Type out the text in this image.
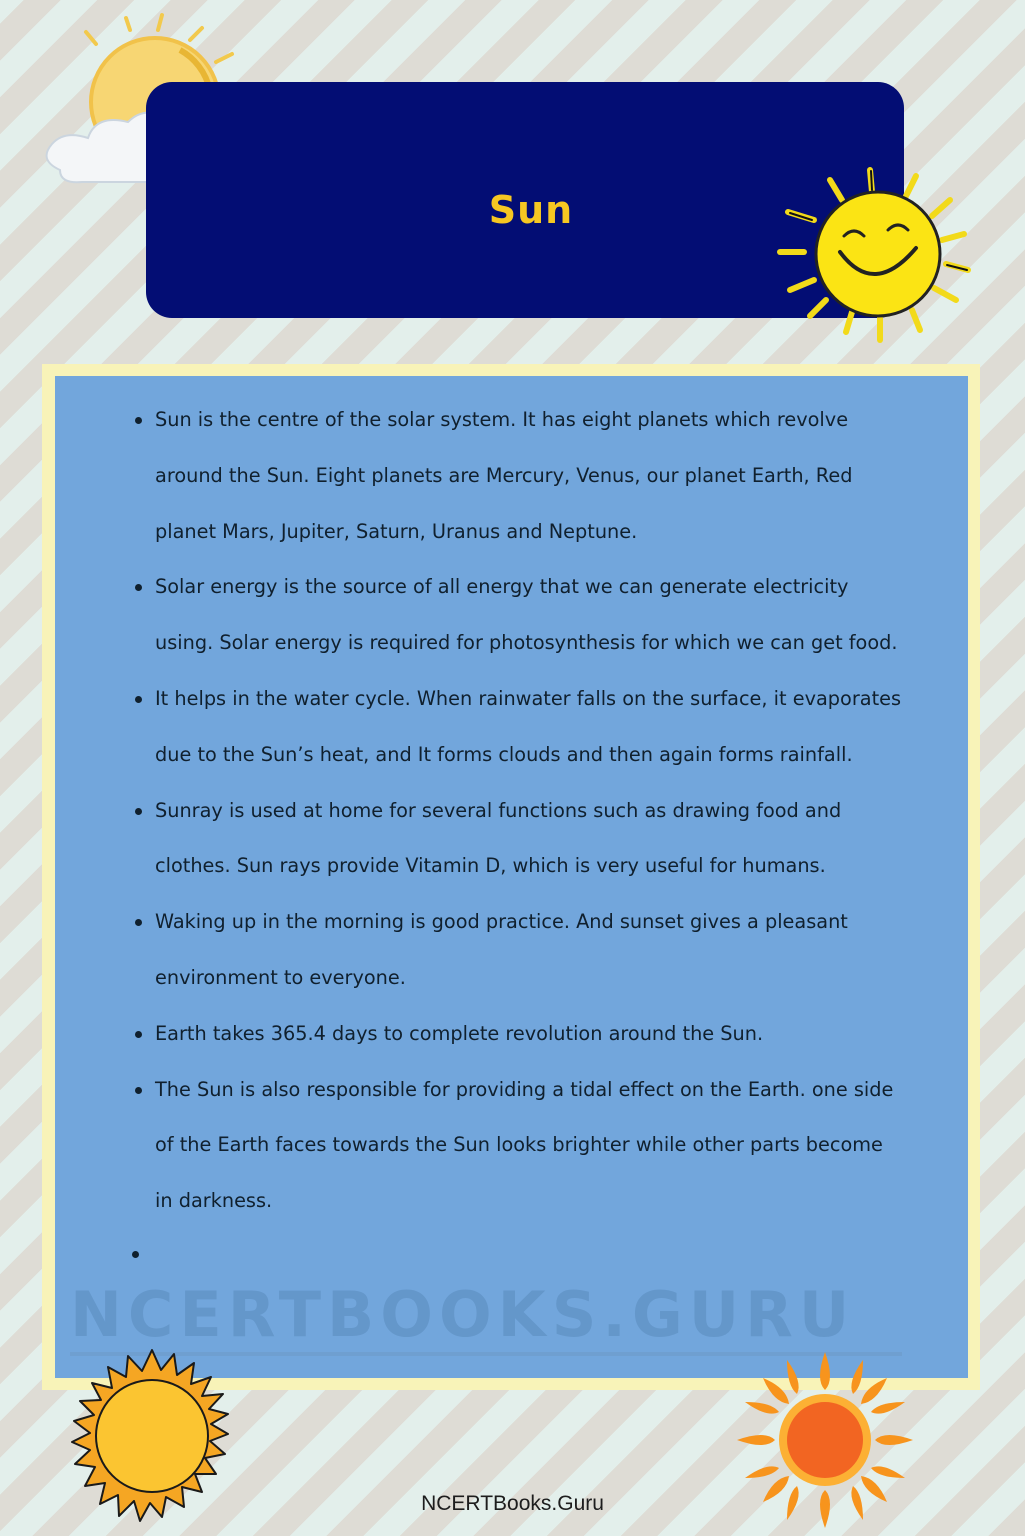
Sun
NCERTBOOKS.GURU
Sun is the centre of the solar system. It has eight planets which revolve
around the Sun. Eight planets are Mercury, Venus, our planet Earth, Red
planet Mars, Jupiter, Saturn, Uranus and Neptune.
Solar energy is the source of all energy that we can generate electricity
using. Solar energy is required for photosynthesis for which we can get food.
It helps in the water cycle. When rainwater falls on the surface, it evaporates
due to the Sun’s heat, and It forms clouds and then again forms rainfall.
Sunray is used at home for several functions such as drawing food and
clothes. Sun rays provide Vitamin D, which is very useful for humans.
Waking up in the morning is good practice. And sunset gives a pleasant
environment to everyone.
Earth takes 365.4 days to complete revolution around the Sun.
The Sun is also responsible for providing a tidal effect on the Earth. one side
of the Earth faces towards the Sun looks brighter while other parts become
in darkness.
NCERTBooks.Guru
